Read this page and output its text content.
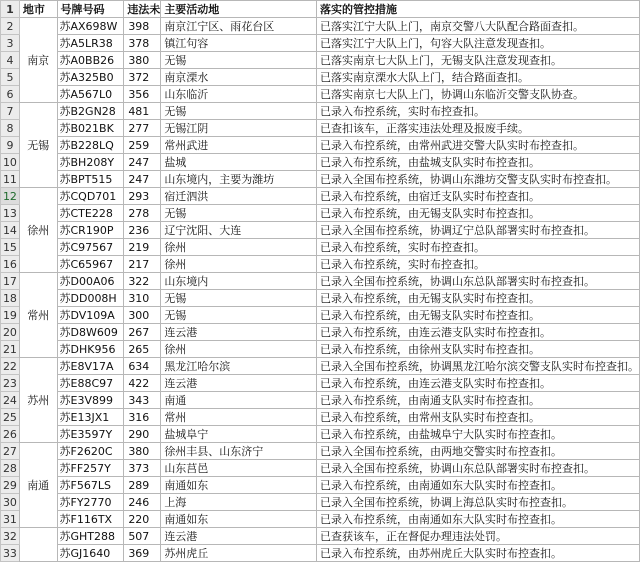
1	地市	号牌号码	违法未	主要活动地	落实的管控措施
2	南京	苏AX698W	398	南京江宁区、雨花台区	已落实江宁大队上门，南京交警八大队配合路面查扣。
3		苏A5LR38	378	镇江句容	已落实江宁大队上门，句容大队注意发现查扣。
4		苏A0BB26	380	无锡	已落实南京七大队上门，无锡支队注意发现查扣。
5		苏A325B0	372	南京溧水	已落实南京溧水大队上门，结合路面查扣。
6		苏A567L0	356	山东临沂	已落实南京七大队上门，协调山东临沂交警支队协查。
7	无锡	苏B2GN28	481	无锡	已录入布控系统，实时布控查扣。
8		苏B021BK	277	无锡江阴	已查扣该车，正落实违法处理及报废手续。
9		苏B228LQ	259	常州武进	已录入布控系统，由常州武进交警大队实时布控查扣。
10		苏BH208Y	247	盐城	已录入布控系统，由盐城支队实时布控查扣。
11		苏BPT515	247	山东境内，主要为潍坊	已录入全国布控系统，协调山东潍坊交警支队实时布控查扣。
12	徐州	苏CQD701	293	宿迁泗洪	已录入布控系统，由宿迁支队实时布控查扣。
13		苏CTE228	278	无锡	已录入布控系统，由无锡支队实时布控查扣。
14		苏CR190P	236	辽宁沈阳、大连	已录入全国布控系统，协调辽宁总队部署实时布控查扣。
15		苏C97567	219	徐州	已录入布控系统，实时布控查扣。
16		苏C65967	217	徐州	已录入布控系统，实时布控查扣。
17	常州	苏D00A06	322	山东境内	已录入全国布控系统，协调山东总队部署实时布控查扣。
18		苏DD008H	310	无锡	已录入布控系统，由无锡支队实时布控查扣。
19		苏DV109A	300	无锡	已录入布控系统，由无锡支队实时布控查扣。
20		苏D8W609	267	连云港	已录入布控系统，由连云港支队实时布控查扣。
21		苏DHK956	265	徐州	已录入布控系统，由徐州支队实时布控查扣。
22	苏州	苏E8V17A	634	黑龙江哈尔滨	已录入全国布控系统，协调黑龙江哈尔滨交警支队实时布控查扣。
23		苏E88C97	422	连云港	已录入布控系统，由连云港支队实时布控查扣。
24		苏E3V899	343	南通	已录入布控系统，由南通支队实时布控查扣。
25		苏E13JX1	316	常州	已录入布控系统，由常州支队实时布控查扣。
26		苏E3597Y	290	盐城阜宁	已录入布控系统，由盐城阜宁大队实时布控查扣。
27	南通	苏F2620C	380	徐州丰县、山东济宁	已录入全国布控系统，由两地交警实时布控查扣。
28		苏FF257Y	373	山东莒邑	已录入全国布控系统，协调山东总队部署实时布控查扣。
29		苏F567LS	289	南通如东	已录入布控系统，由南通如东大队实时布控查扣。
30		苏FY2770	246	上海	已录入全国布控系统，协调上海总队实时布控查扣。
31		苏F116TX	220	南通如东	已录入布控系统，由南通如东大队实时布控查扣。
32		苏GHT288	507	连云港	已查获该车，正在督促办理违法处罚。
33		苏GJ1640	369	苏州虎丘	已录入布控系统，由苏州虎丘大队实时布控查扣。
